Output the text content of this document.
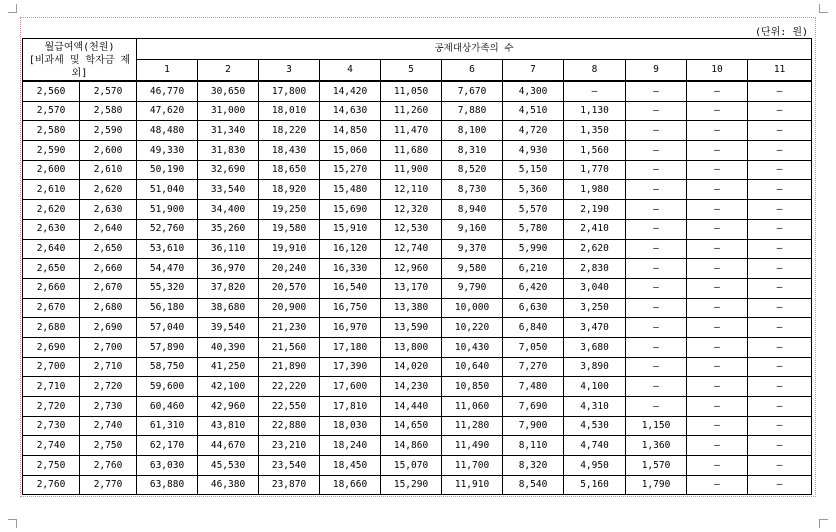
(단위: 원)
월급여액(천원)
[비과세 및 학자금 제외]		공제대상가족의 수										
		1	2	3	4	5	6	7	8	9	10	11
2,560	2,570	46,770	30,650	17,800	14,420	11,050	7,670	4,300	–	–	–	–
2,570	2,580	47,620	31,000	18,010	14,630	11,260	7,880	4,510	1,130	–	–	–
2,580	2,590	48,480	31,340	18,220	14,850	11,470	8,100	4,720	1,350	–	–	–
2,590	2,600	49,330	31,830	18,430	15,060	11,680	8,310	4,930	1,560	–	–	–
2,600	2,610	50,190	32,690	18,650	15,270	11,900	8,520	5,150	1,770	–	–	–
2,610	2,620	51,040	33,540	18,920	15,480	12,110	8,730	5,360	1,980	–	–	–
2,620	2,630	51,900	34,400	19,250	15,690	12,320	8,940	5,570	2,190	–	–	–
2,630	2,640	52,760	35,260	19,580	15,910	12,530	9,160	5,780	2,410	–	–	–
2,640	2,650	53,610	36,110	19,910	16,120	12,740	9,370	5,990	2,620	–	–	–
2,650	2,660	54,470	36,970	20,240	16,330	12,960	9,580	6,210	2,830	–	–	–
2,660	2,670	55,320	37,820	20,570	16,540	13,170	9,790	6,420	3,040	–	–	–
2,670	2,680	56,180	38,680	20,900	16,750	13,380	10,000	6,630	3,250	–	–	–
2,680	2,690	57,040	39,540	21,230	16,970	13,590	10,220	6,840	3,470	–	–	–
2,690	2,700	57,890	40,390	21,560	17,180	13,800	10,430	7,050	3,680	–	–	–
2,700	2,710	58,750	41,250	21,890	17,390	14,020	10,640	7,270	3,890	–	–	–
2,710	2,720	59,600	42,100	22,220	17,600	14,230	10,850	7,480	4,100	–	–	–
2,720	2,730	60,460	42,960	22,550	17,810	14,440	11,060	7,690	4,310	–	–	–
2,730	2,740	61,310	43,810	22,880	18,030	14,650	11,280	7,900	4,530	1,150	–	–
2,740	2,750	62,170	44,670	23,210	18,240	14,860	11,490	8,110	4,740	1,360	–	–
2,750	2,760	63,030	45,530	23,540	18,450	15,070	11,700	8,320	4,950	1,570	–	–
2,760	2,770	63,880	46,380	23,870	18,660	15,290	11,910	8,540	5,160	1,790	–	–
